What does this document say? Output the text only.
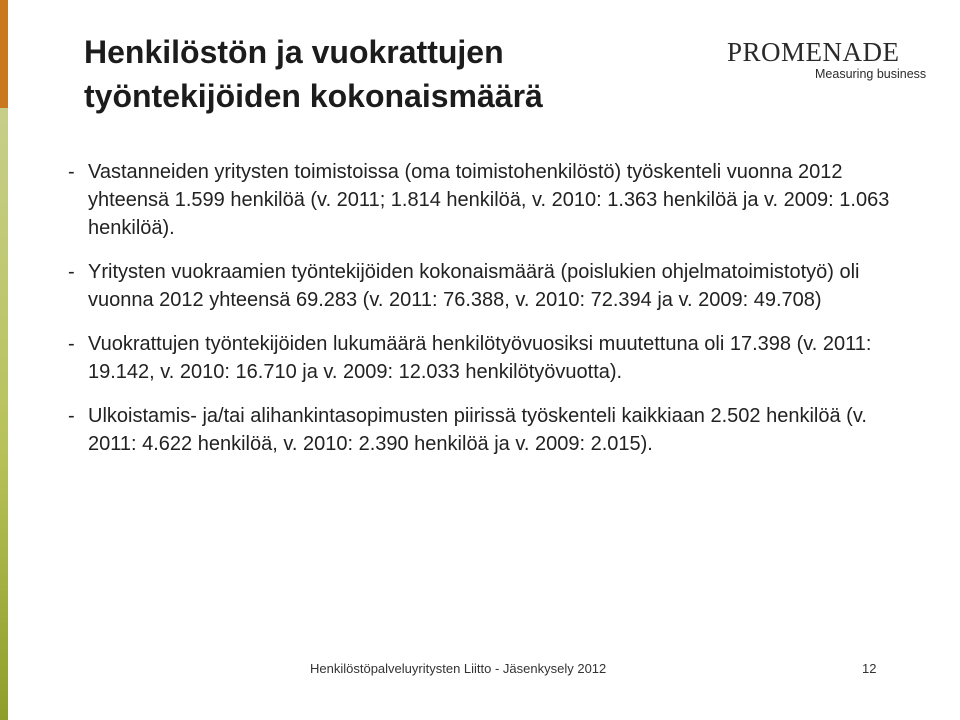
Henkilöstön ja vuokrattujen
työntekijöiden kokonaismäärä
PROMENADE
Measuring business
- Vastanneiden yritysten toimistoissa (oma toimistohenkilöstö) työskenteli vuonna 2012 yhteensä 1.599 henkilöä (v. 2011; 1.814 henkilöä, v. 2010: 1.363 henkilöä ja v. 2009: 1.063 henkilöä).
- Yritysten vuokraamien työntekijöiden kokonaismäärä (poislukien ohjelmatoimistotyö) oli vuonna 2012 yhteensä 69.283 (v. 2011: 76.388, v. 2010: 72.394 ja v. 2009: 49.708)
- Vuokrattujen työntekijöiden lukumäärä henkilötyövuosiksi muutettuna oli 17.398 (v. 2011: 19.142, v. 2010: 16.710 ja v. 2009: 12.033 henkilötyövuotta).
- Ulkoistamis- ja/tai alihankintasopimusten piirissä työskenteli kaikkiaan 2.502 henkilöä (v. 2011: 4.622 henkilöä, v. 2010: 2.390 henkilöä ja v. 2009: 2.015).
Henkilöstöpalveluyritysten Liitto - Jäsenkysely 2012	12
